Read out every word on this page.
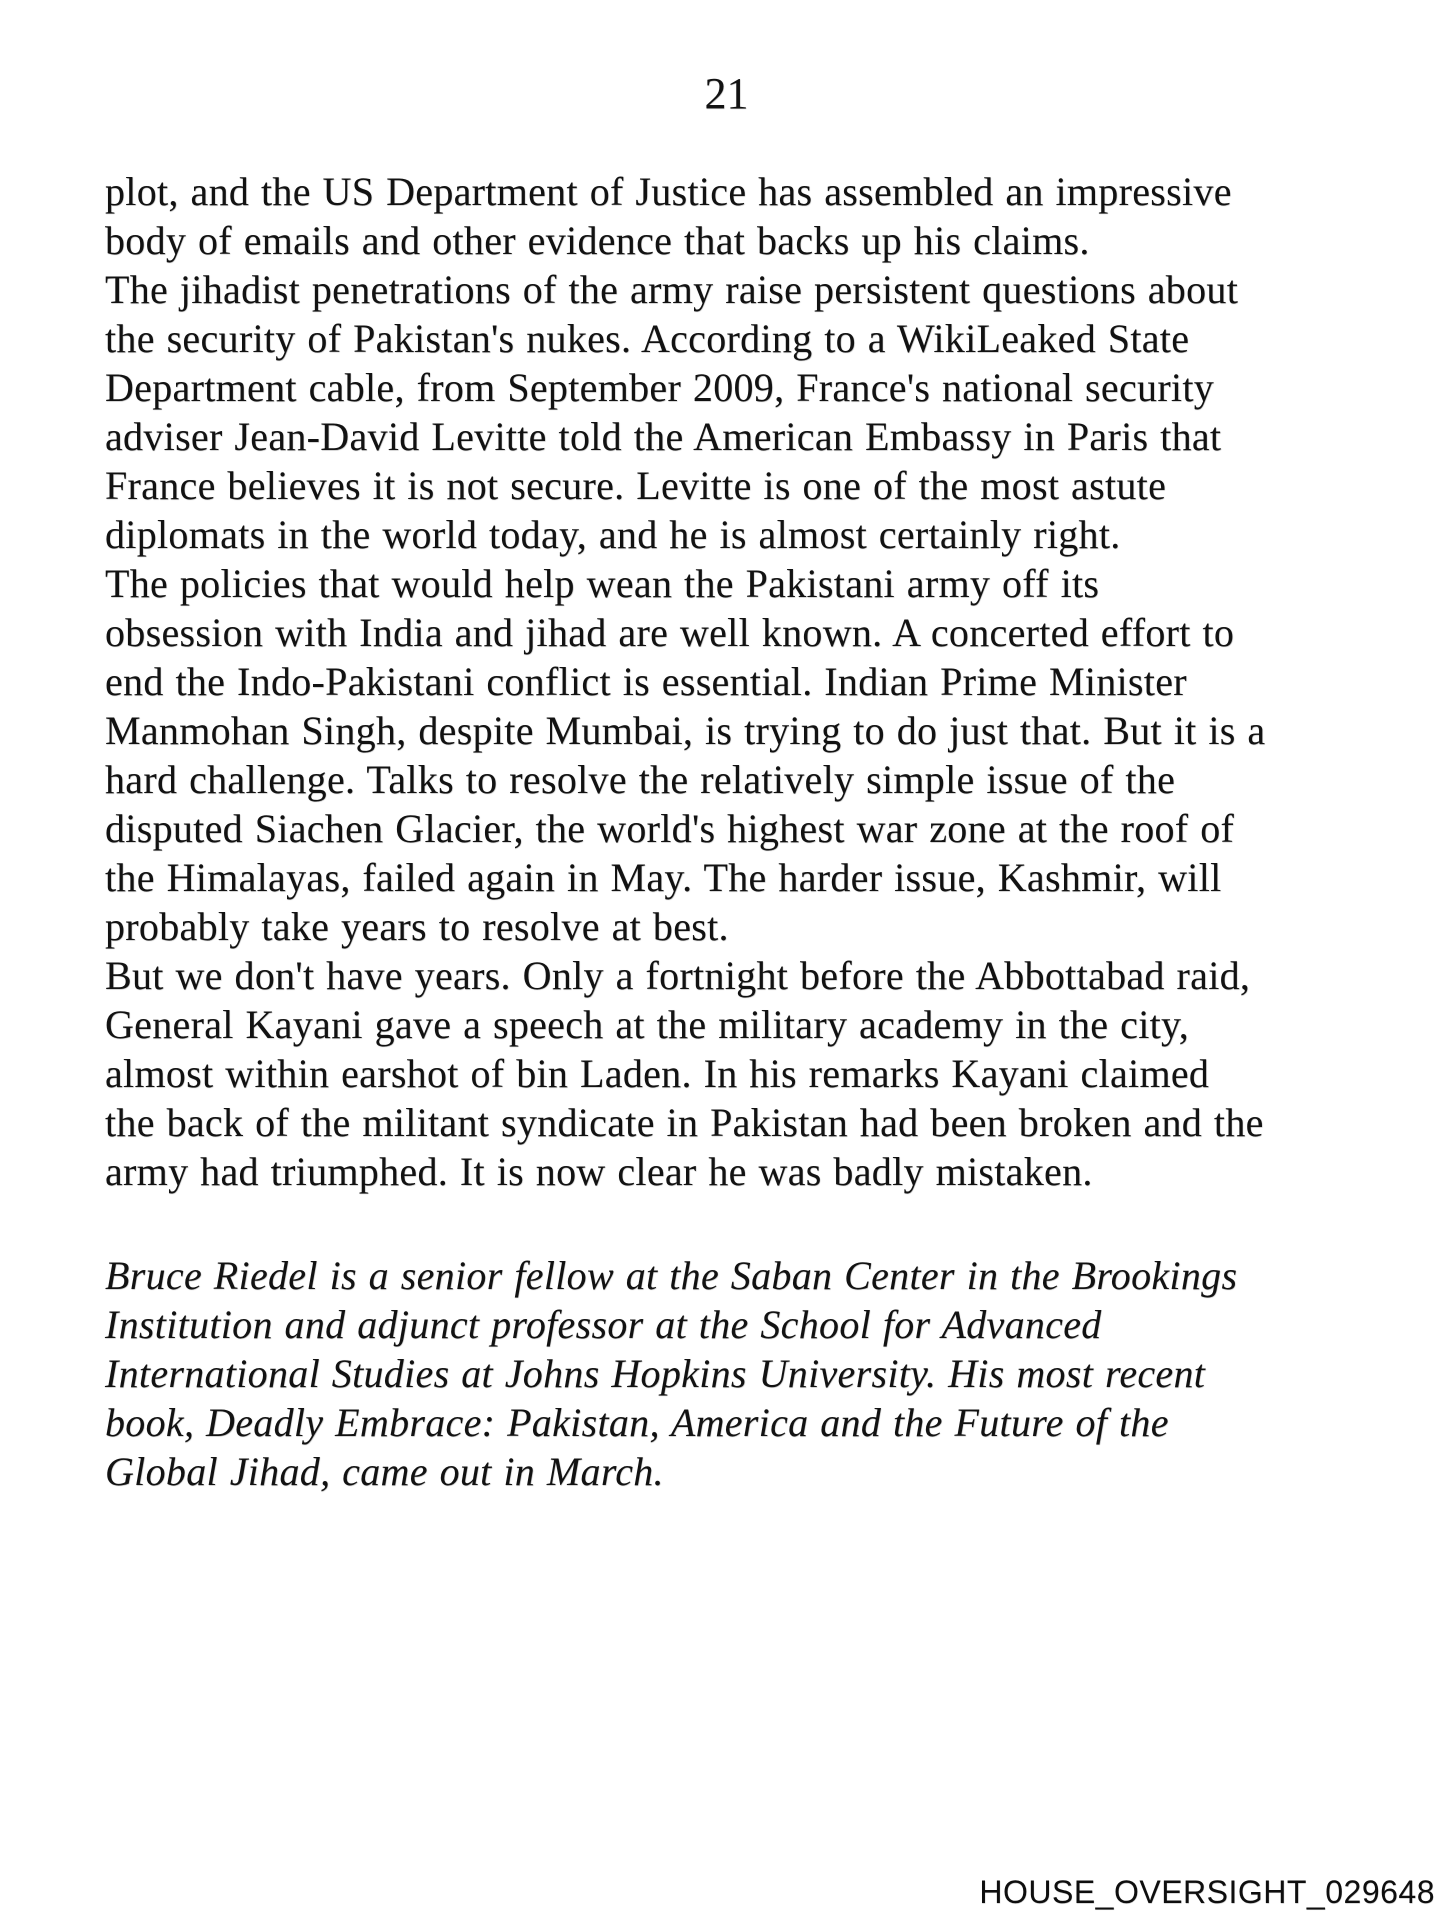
21
plot, and the US Department of Justice has assembled an impressive
body of emails and other evidence that backs up his claims.
The jihadist penetrations of the army raise persistent questions about
the security of Pakistan's nukes. According to a WikiLeaked State
Department cable, from September 2009, France's national security
adviser Jean-David Levitte told the American Embassy in Paris that
France believes it is not secure. Levitte is one of the most astute
diplomats in the world today, and he is almost certainly right.
The policies that would help wean the Pakistani army off its
obsession with India and jihad are well known. A concerted effort to
end the Indo-Pakistani conflict is essential. Indian Prime Minister
Manmohan Singh, despite Mumbai, is trying to do just that. But it is a
hard challenge. Talks to resolve the relatively simple issue of the
disputed Siachen Glacier, the world's highest war zone at the roof of
the Himalayas, failed again in May. The harder issue, Kashmir, will
probably take years to resolve at best.
But we don't have years. Only a fortnight before the Abbottabad raid,
General Kayani gave a speech at the military academy in the city,
almost within earshot of bin Laden. In his remarks Kayani claimed
the back of the militant syndicate in Pakistan had been broken and the
army had triumphed. It is now clear he was badly mistaken.
Bruce Riedel is a senior fellow at the Saban Center in the Brookings
Institution and adjunct professor at the School for Advanced
International Studies at Johns Hopkins University. His most recent
book, Deadly Embrace: Pakistan, America and the Future of the
Global Jihad, came out in March.
HOUSE_OVERSIGHT_029648
